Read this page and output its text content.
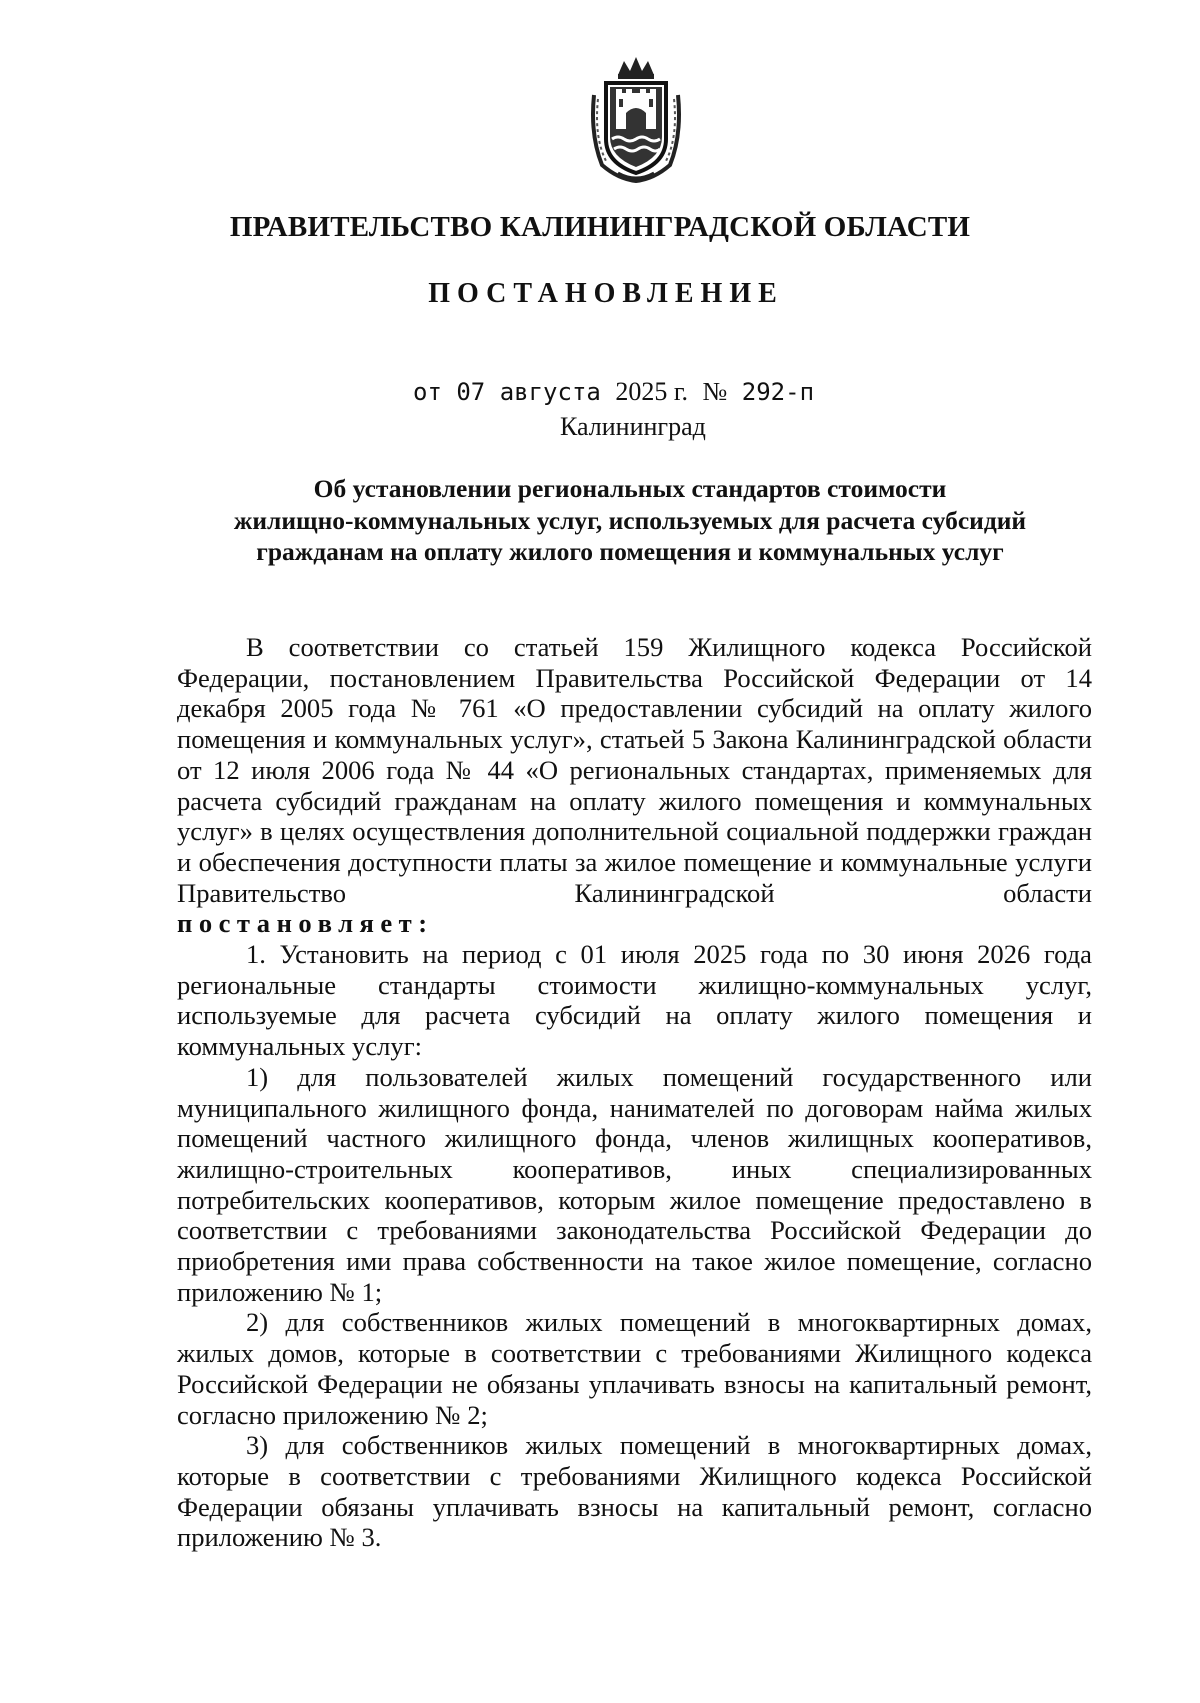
ПРАВИТЕЛЬСТВО КАЛИНИНГРАДСКОЙ ОБЛАСТИ
ПОСТАНОВЛЕНИЕ
от 07 августа 2025 г. № 292-п
Калининград
Об установлении региональных стандартов стоимости
жилищно-коммунальных услуг, используемых для расчета субсидий
гражданам на оплату жилого помещения и коммунальных услуг

В соответствии со статьей 159 Жилищного кодекса Российской Федерации, постановлением Правительства Российской Федерации от 14 декабря 2005 года № 761 «О предоставлении субсидий на оплату жилого помещения и коммунальных услуг», статьей 5 Закона Калининградской области от 12 июля 2006 года № 44 «О региональных стандартах, применяемых для расчета субсидий гражданам на оплату жилого помещения и коммунальных услуг» в целях осуществления дополнительной социальной поддержки граждан и обеспечения доступности платы за жилое помещение и коммунальные услуги Правительство Калининградской области

постановляет:

1. Установить на период с 01 июля 2025 года по 30 июня 2026 года региональные стандарты стоимости жилищно-коммунальных услуг, используемые для расчета субсидий на оплату жилого помещения и коммунальных услуг:

1) для пользователей жилых помещений государственного или муниципального жилищного фонда, нанимателей по договорам найма жилых помещений частного жилищного фонда, членов жилищных кооперативов, жилищно-строительных кооперативов, иных специализированных потребительских кооперативов, которым жилое помещение предоставлено в соответствии с требованиями законодательства Российской Федерации до приобретения ими права собственности на такое жилое помещение, согласно приложению № 1;

2) для собственников жилых помещений в многоквартирных домах, жилых домов, которые в соответствии с требованиями Жилищного кодекса Российской Федерации не обязаны уплачивать взносы на капитальный ремонт, согласно приложению № 2;

3) для собственников жилых помещений в многоквартирных домах, которые в соответствии с требованиями Жилищного кодекса Российской Федерации обязаны уплачивать взносы на капитальный ремонт, согласно приложению № 3.
